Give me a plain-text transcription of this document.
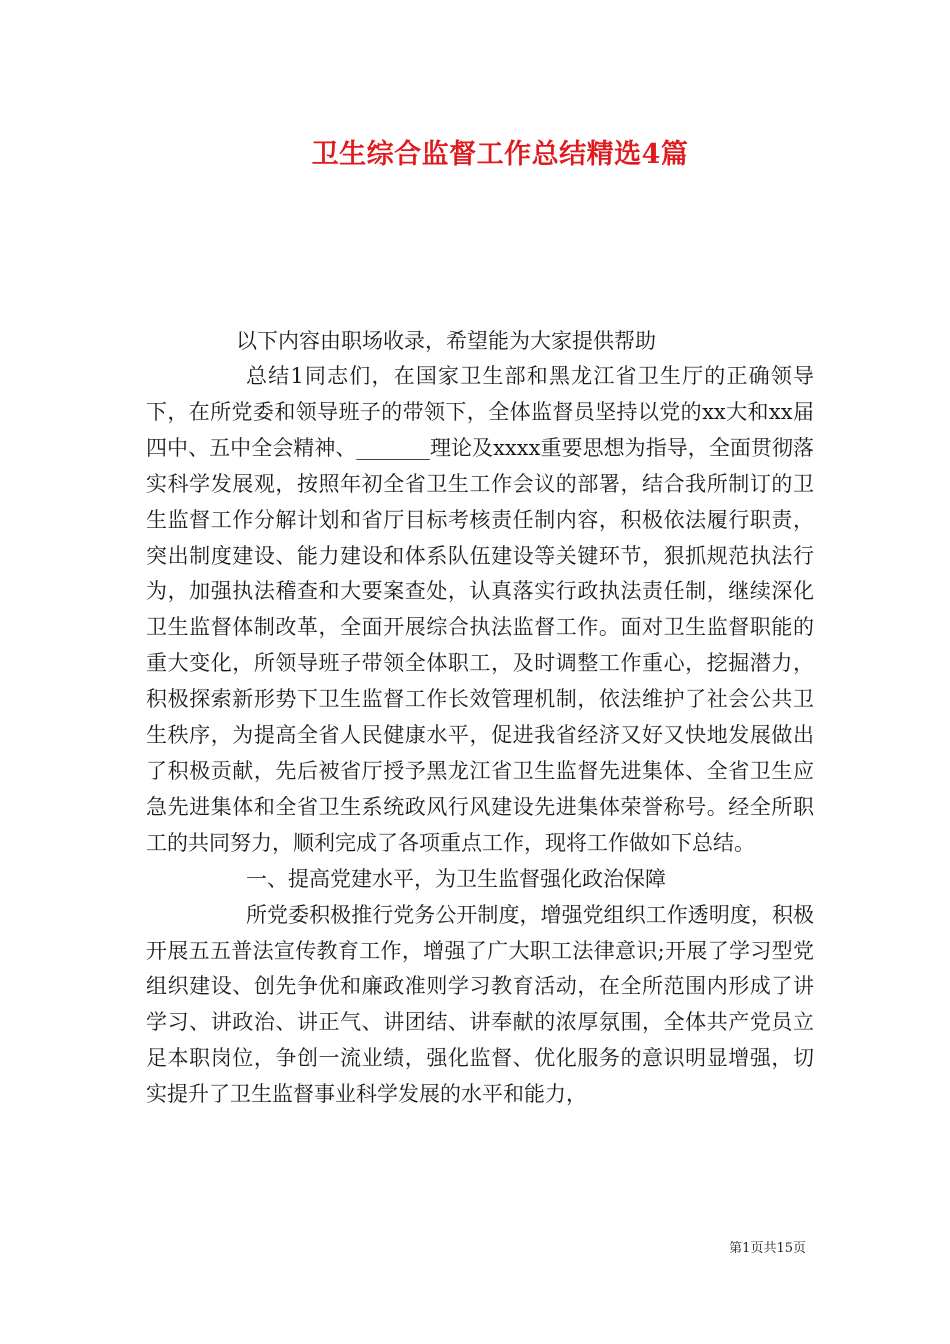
卫生综合监督工作总结精选4篇
以下内容由职场收录，希望能为大家提供帮助

总结1同志们，在国家卫生部和黑龙江省卫生厅的正确领导下，在所党委和领导班子的带领下，全体监督员坚持以党的xx大和xx届四中、五中全会精神、_______理论及xxxx重要思想为指导，全面贯彻落实科学发展观，按照年初全省卫生工作会议的部署，结合我所制订的卫生监督工作分解计划和省厅目标考核责任制内容，积极依法履行职责，突出制度建设、能力建设和体系队伍建设等关键环节，狠抓规范执法行为，加强执法稽查和大要案查处，认真落实行政执法责任制，继续深化卫生监督体制改革，全面开展综合执法监督工作。面对卫生监督职能的重大变化，所领导班子带领全体职工，及时调整工作重心，挖掘潜力，积极探索新形势下卫生监督工作长效管理机制，依法维护了社会公共卫生秩序，为提高全省人民健康水平，促进我省经济又好又快地发展做出了积极贡献，先后被省厅授予黑龙江省卫生监督先进集体、全省卫生应急先进集体和全省卫生系统政风行风建设先进集体荣誉称号。经全所职工的共同努力，顺利完成了各项重点工作，现将工作做如下总结。

一、提高党建水平，为卫生监督强化政治保障

所党委积极推行党务公开制度，增强党组织工作透明度，积极开展五五普法宣传教育工作，增强了广大职工法律意识;开展了学习型党组织建设、创先争优和廉政准则学习教育活动，在全所范围内形成了讲学习、讲政治、讲正气、讲团结、讲奉献的浓厚氛围，全体共产党员立足本职岗位，争创一流业绩，强化监督、优化服务的意识明显增强，切实提升了卫生监督事业科学发展的水平和能力，

第1页共15页
